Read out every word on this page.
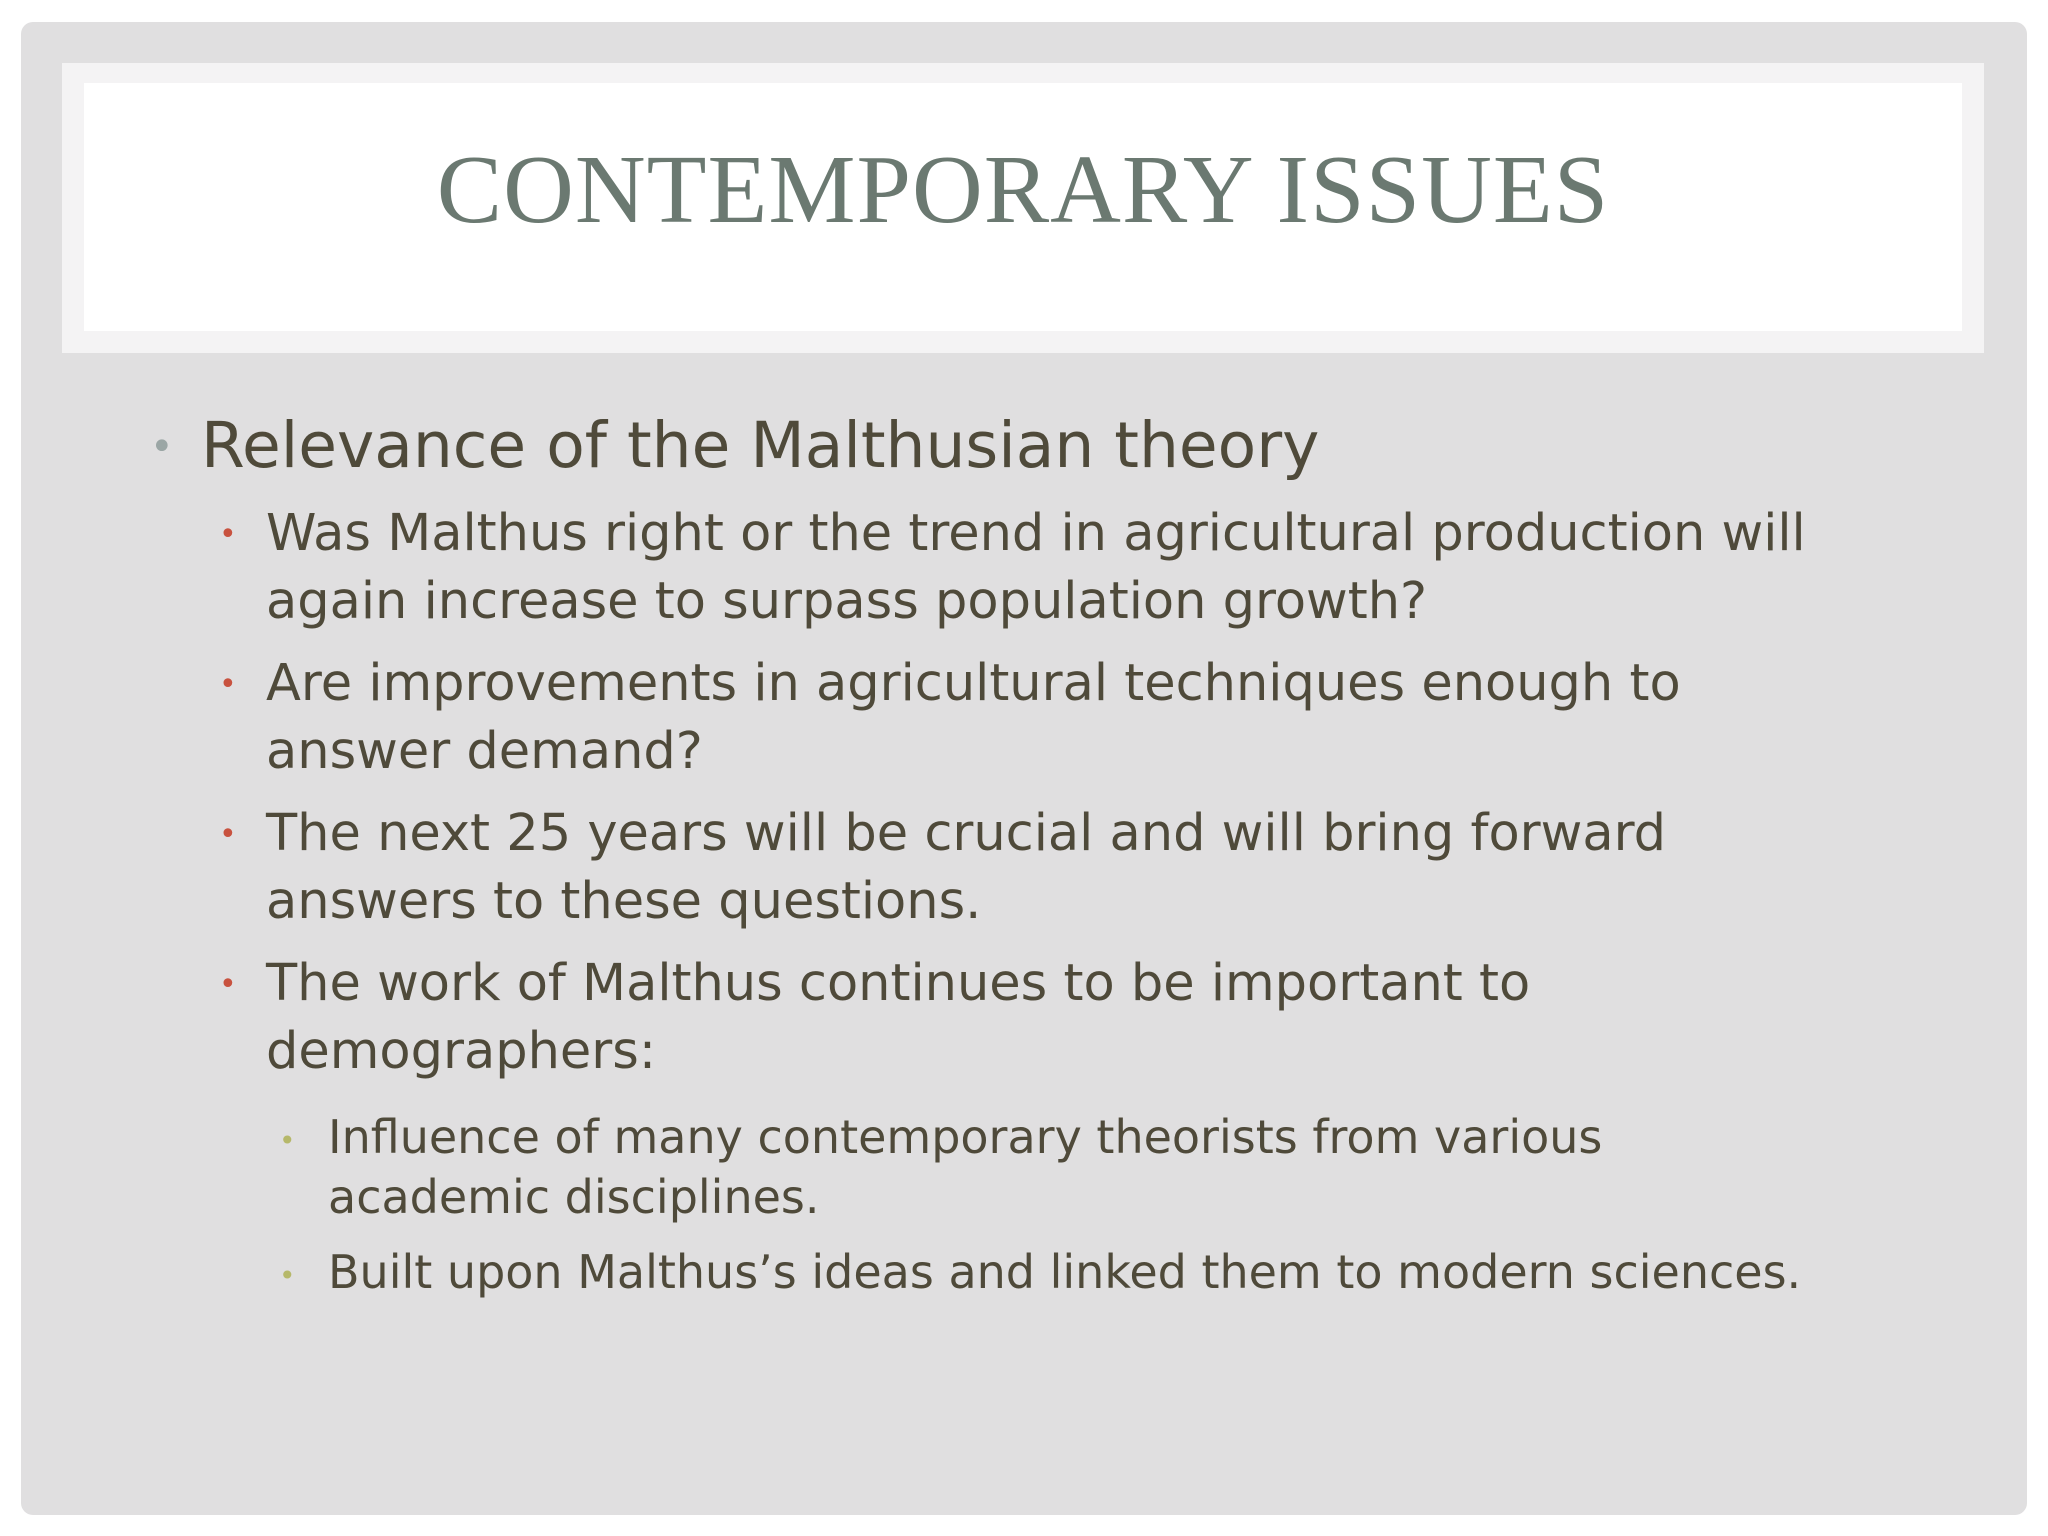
CONTEMPORARY ISSUES
• Relevance of the Malthusian theory
• Was Malthus right or the trend in agricultural production will
again increase to surpass population growth?
• Are improvements in agricultural techniques enough to
answer demand?
• The next 25 years will be crucial and will bring forward
answers to these questions.
• The work of Malthus continues to be important to
demographers:
• Influence of many contemporary theorists from various
academic disciplines.
• Built upon Malthus’s ideas and linked them to modern sciences.
